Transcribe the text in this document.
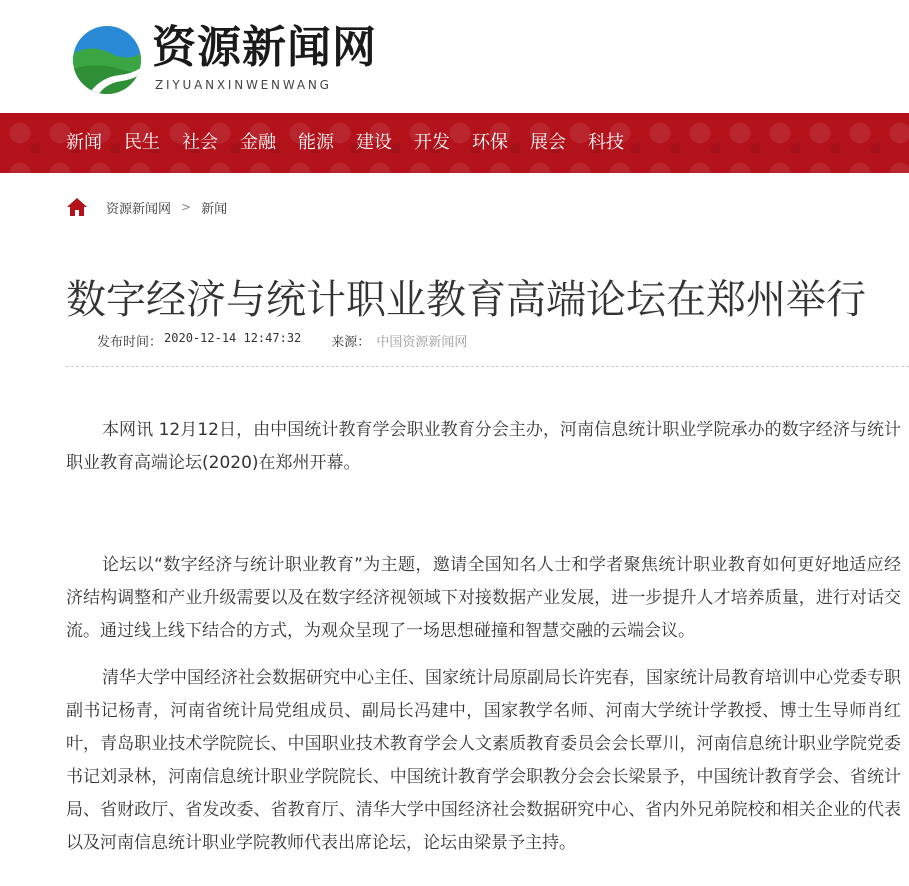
资源新闻网
ZIYUANXINWENWANG
新闻 民生 社会 金融 能源 建设 开发 环保 展会 科技
资源新闻网 > 新闻
数字经济与统计职业教育高端论坛在郑州举行
发布时间： 2020-12-14 12:47:32 来源： 中国资源新闻网

本网讯 12月12日，由中国统计教育学会职业教育分会主办，河南信息统计职业学院承办的数字经济与统计职业教育高端论坛(2020)在郑州开幕。

论坛以“数字经济与统计职业教育”为主题，邀请全国知名人士和学者聚焦统计职业教育如何更好地适应经济结构调整和产业升级需要以及在数字经济视领域下对接数据产业发展，进一步提升人才培养质量，进行对话交流。通过线上线下结合的方式，为观众呈现了一场思想碰撞和智慧交融的云端会议。

清华大学中国经济社会数据研究中心主任、国家统计局原副局长许宪春，国家统计局教育培训中心党委专职副书记杨青，河南省统计局党组成员、副局长冯建中，国家教学名师、河南大学统计学教授、博士生导师肖红叶，青岛职业技术学院院长、中国职业技术教育学会人文素质教育委员会会长覃川，河南信息统计职业学院党委书记刘录林，河南信息统计职业学院院长、中国统计教育学会职教分会会长梁景予，中国统计教育学会、省统计局、省财政厅、省发改委、省教育厅、清华大学中国经济社会数据研究中心、省内外兄弟院校和相关企业的代表以及河南信息统计职业学院教师代表出席论坛，论坛由梁景予主持。
